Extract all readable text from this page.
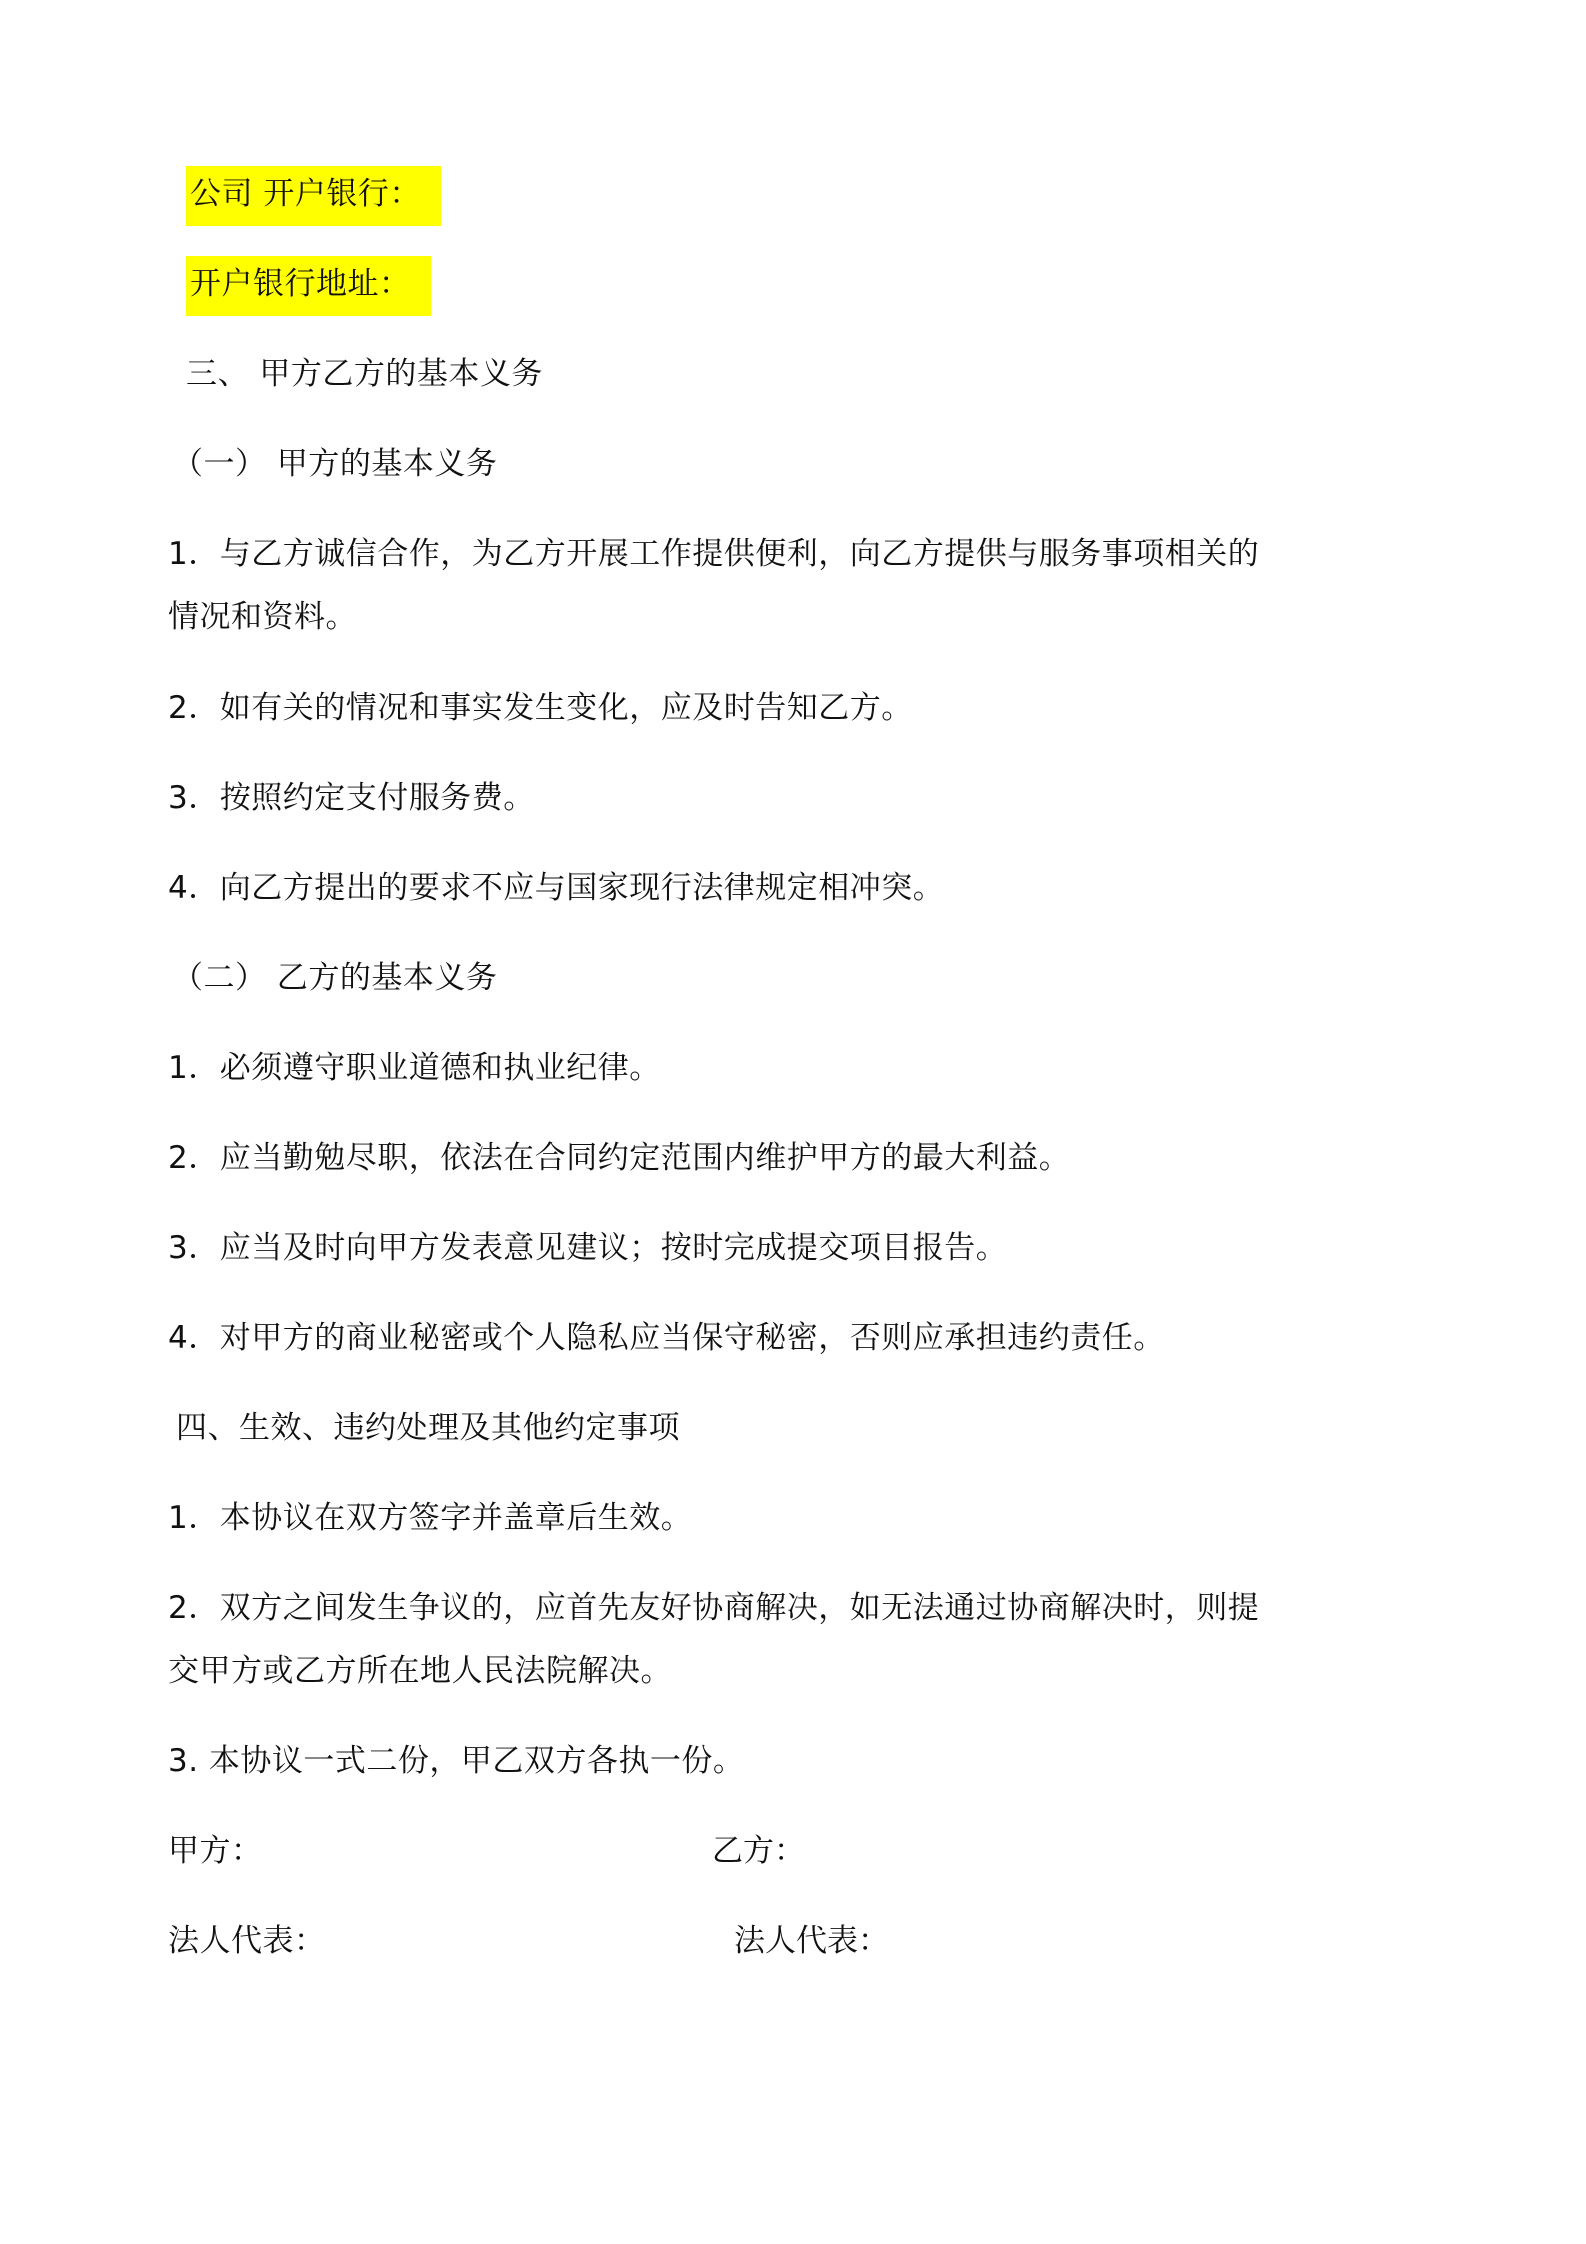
公司 开户银行：
开户银行地址：
三、 甲方乙方的基本义务
（一） 甲方的基本义务
1．与乙方诚信合作，为乙方开展工作提供便利，向乙方提供与服务事项相关的
情况和资料。
2．如有关的情况和事实发生变化，应及时告知乙方。
3．按照约定支付服务费。
4．向乙方提出的要求不应与国家现行法律规定相冲突。
（二） 乙方的基本义务
1．必须遵守职业道德和执业纪律。
2．应当勤勉尽职，依法在合同约定范围内维护甲方的最大利益。
3．应当及时向甲方发表意见建议；按时完成提交项目报告。
4．对甲方的商业秘密或个人隐私应当保守秘密，否则应承担违约责任。
四、生效、违约处理及其他约定事项
1．本协议在双方签字并盖章后生效。
2．双方之间发生争议的，应首先友好协商解决，如无法通过协商解决时，则提
交甲方或乙方所在地人民法院解决。
3. 本协议一式二份，甲乙双方各执一份。
甲方：	乙方：
法人代表：	法人代表：
